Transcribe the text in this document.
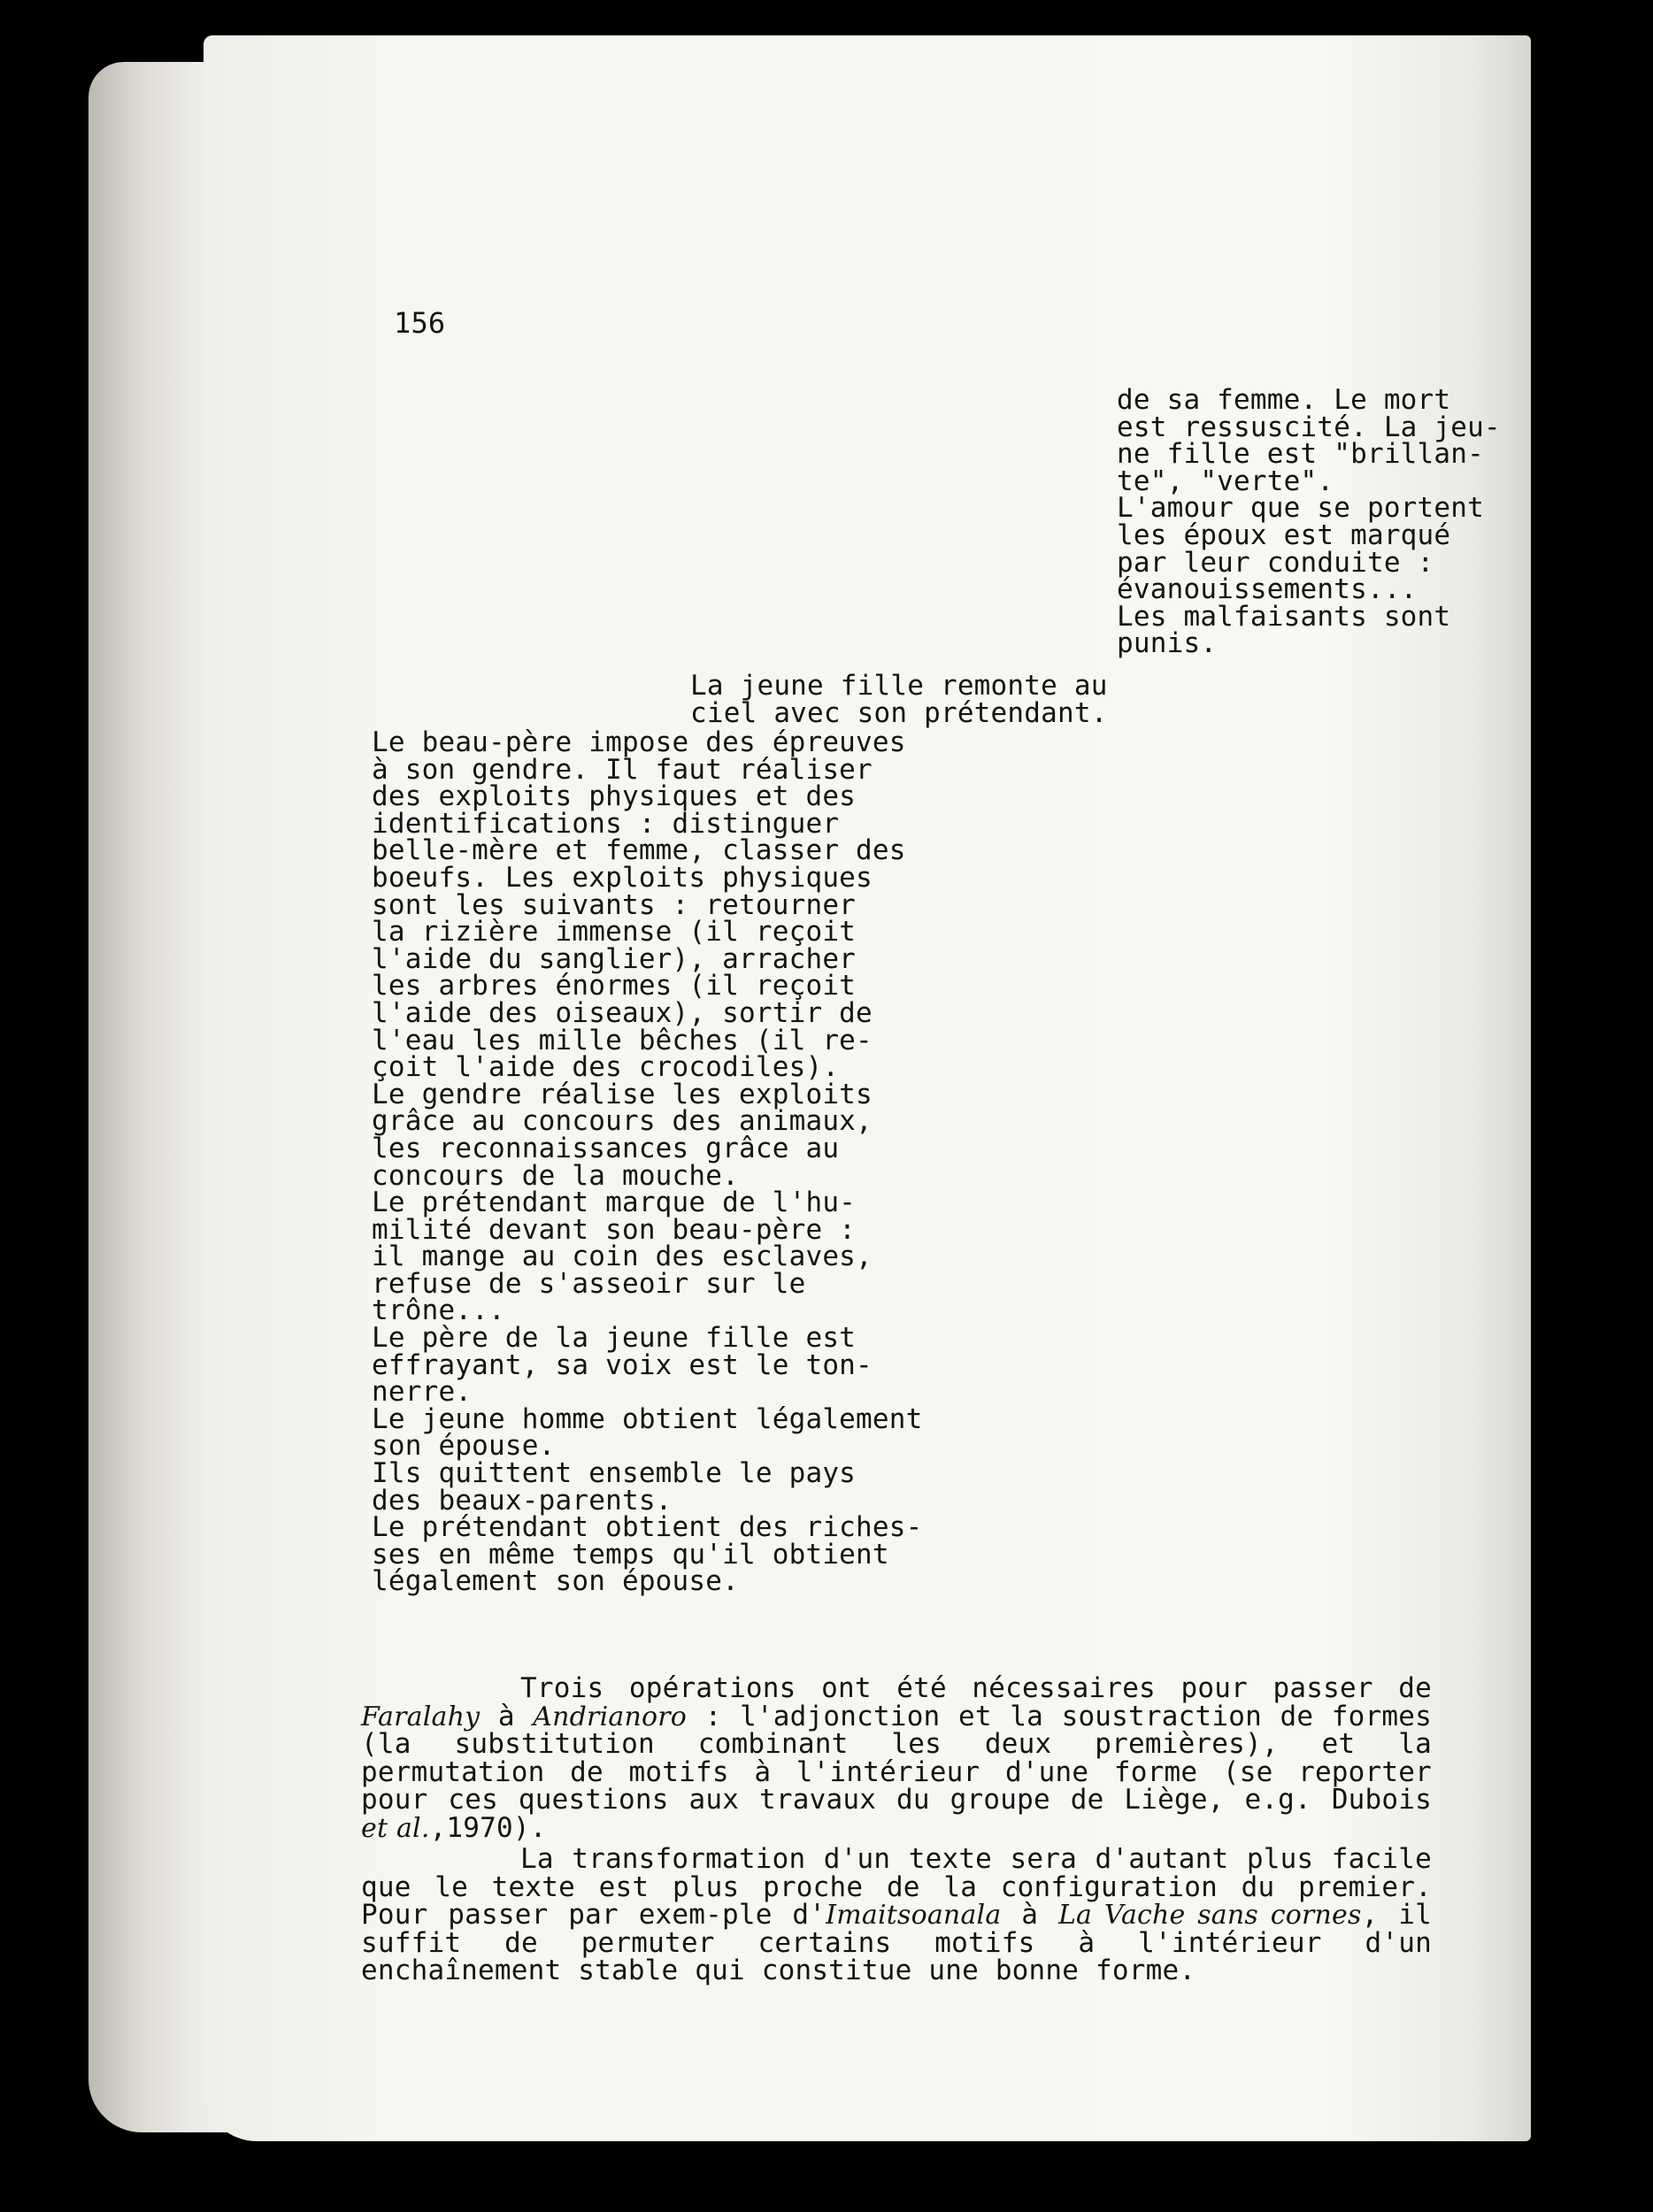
156
de sa femme. Le mort
est ressuscité. La jeu-
ne fille est "brillan-
te", "verte".
L'amour que se portent
les époux est marqué
par leur conduite :
évanouissements...
Les malfaisants sont
punis.
La jeune fille remonte au
ciel avec son prétendant.
Le beau-père impose des épreuves
à son gendre. Il faut réaliser
des exploits physiques et des
identifications : distinguer
belle-mère et femme, classer des
boeufs. Les exploits physiques
sont les suivants : retourner
la rizière immense (il reçoit
l'aide du sanglier), arracher
les arbres énormes (il reçoit
l'aide des oiseaux), sortir de
l'eau les mille bêches (il re-
çoit l'aide des crocodiles).
Le gendre réalise les exploits
grâce au concours des animaux,
les reconnaissances grâce au
concours de la mouche.
Le prétendant marque de l'hu-
milité devant son beau-père :
il mange au coin des esclaves,
refuse de s'asseoir sur le
trône...
Le père de la jeune fille est
effrayant, sa voix est le ton-
nerre.
Le jeune homme obtient légalement
son épouse.
Ils quittent ensemble le pays
des beaux-parents.
Le prétendant obtient des riches-
ses en même temps qu'il obtient
légalement son épouse.
Trois opérations ont été nécessaires pour passer de Faralahy à Andrianoro : l'adjonction et la soustraction de formes (la substitution combinant les deux premières), et la permutation de motifs à l'intérieur d'une forme (se reporter pour ces questions aux travaux du groupe de Liège, e.g. Dubois et al.,1970).
La transformation d'un texte sera d'autant plus facile que le texte est plus proche de la configuration du premier. Pour passer par exem-ple d'Imaitsoanala à La Vache sans cornes, il suffit de permuter certains motifs à l'intérieur d'un enchaînement stable qui constitue une bonne forme.
